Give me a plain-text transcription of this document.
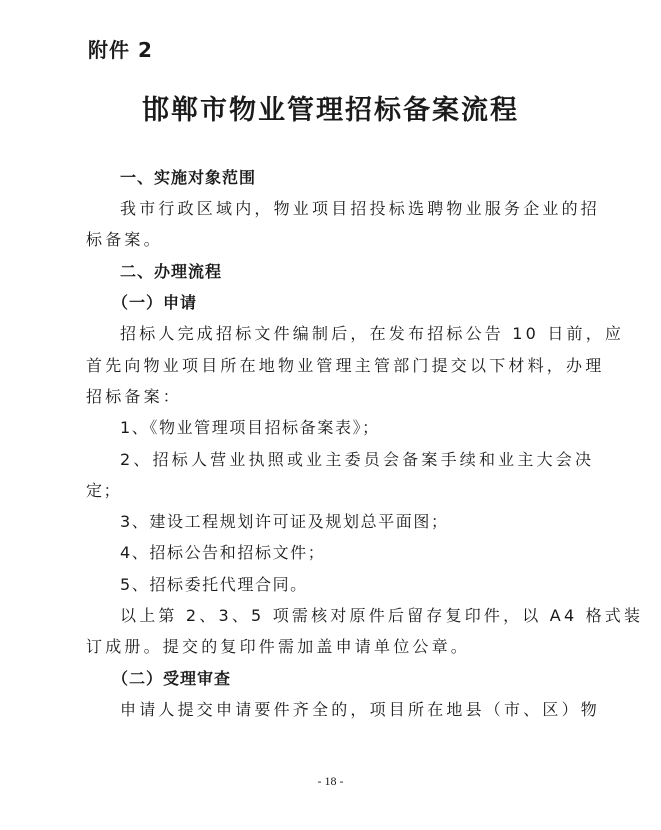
附件 2
邯郸市物业管理招标备案流程
一、实施对象范围
我市行政区域内，物业项目招投标选聘物业服务企业的招
标备案。
二、办理流程
（一）申请
招标人完成招标文件编制后，在发布招标公告 10 日前，应
首先向物业项目所在地物业管理主管部门提交以下材料，办理
招标备案：
1、《物业管理项目招标备案表》；
2、招标人营业执照或业主委员会备案手续和业主大会决
定；
3、建设工程规划许可证及规划总平面图；
4、招标公告和招标文件；
5、招标委托代理合同。
以上第 2、3、5 项需核对原件后留存复印件，以 A4 格式装
订成册。提交的复印件需加盖申请单位公章。
（二）受理审查
申请人提交申请要件齐全的，项目所在地县（市、区）物
- 18 -
